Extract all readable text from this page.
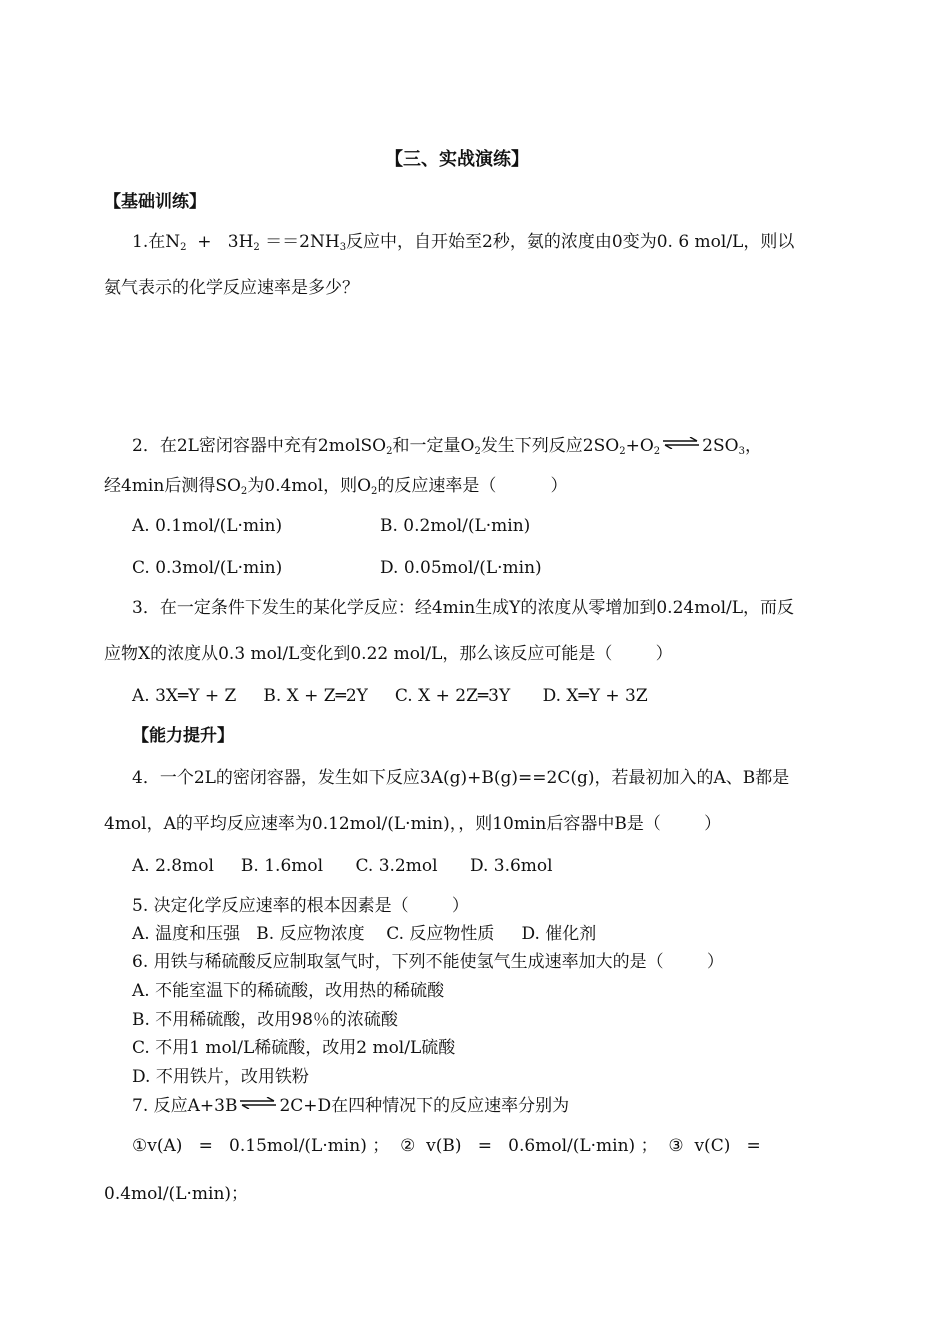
【三、实战演练】
【基础训练】
1.在$N_2 + 3H_2 ==2NH_3$反应中，自开始至2秒，氨的浓度由0变为0. 6 mol/L，则以
氨气表示的化学反应速率是多少？
2．在2L密闭容器中充有2molSO$_2$和一定量$O_2$发生下列反应$2SO_2+O_2$ $\rightleftharpoons 2SO_3$，
经4min后测得$SO_2$为0.4mol，则$O_2$的反应速率是（          ）
A. 0.1mol/(L·min)	B. 0.2mol/(L·min)
C. 0.3mol/(L·min)	D. 0.05mol/(L·min)
3．在一定条件下发生的某化学反应：经4min生成Y的浓度从零增加到0.24mol/L，而反
应物X的浓度从0.3 mol/L变化到0.22 mol/L，那么该反应可能是（        ）
A. 3X═Y + Z     B. X + Z═2Y     C. X + 2Z═3Y      D. X═Y + 3Z
【能力提升】
4．一个2L的密闭容器，发生如下反应3A(g)+B(g)==2C(g)，若最初加入的A、B都是
4mol，A的平均反应速率为0.12mol/(L·min)，，则10min后容器中B是（        ）
A. 2.8mol     B. 1.6mol      C. 3.2mol      D. 3.6mol
5. 决定化学反应速率的根本因素是（        ）
A. 温度和压强   B. 反应物浓度    C. 反应物性质     D. 催化剂
6. 用铁与稀硫酸反应制取氢气时，下列不能使氢气生成速率加大的是（        ）
A. 不能室温下的稀硫酸，改用热的稀硫酸
B. 不用稀硫酸，改用98％的浓硫酸
C. 不用1 mol/L稀硫酸，改用2 mol/L硫酸
D. 不用铁片，改用铁粉
7. 反应A+3B⇌2C+D在四种情况下的反应速率分别为
①v(A)   =   0.15mol/(L·min) ；  ②  v(B)   =   0.6mol/(L·min) ；  ③  v(C)   =
0.4mol/(L·min)；
